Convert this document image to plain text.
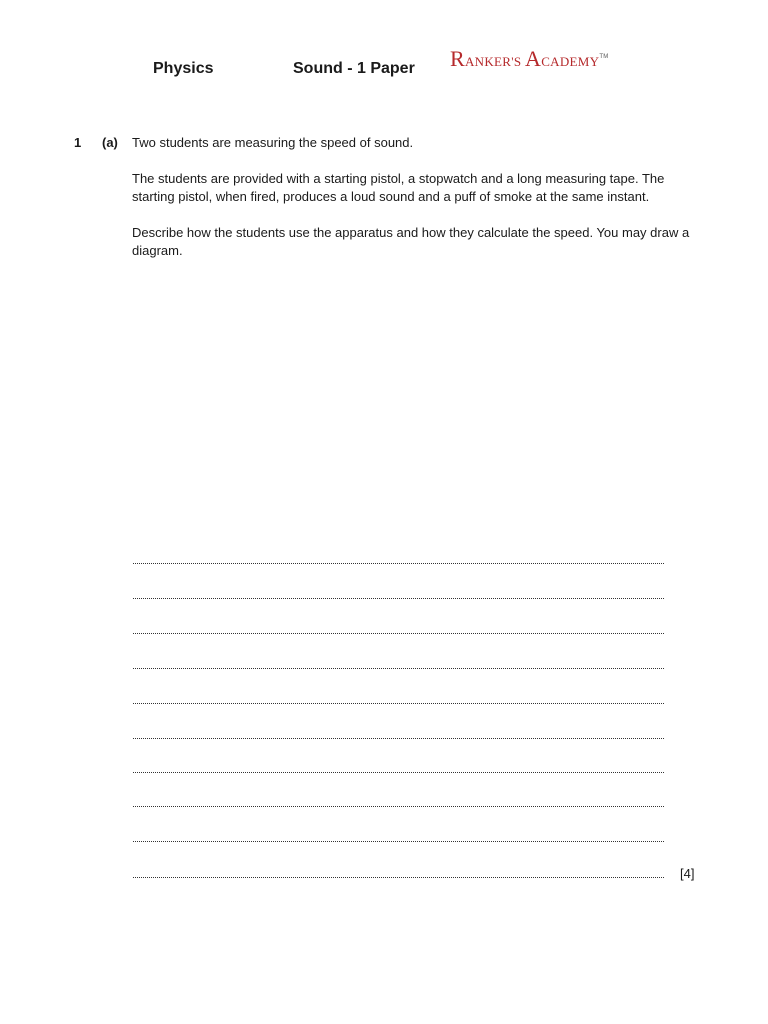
Physics	Sound - 1 Paper RANKER'S ACADEMY™
1 (a) Two students are measuring the speed of sound.

The students are provided with a starting pistol, a stopwatch and a long measuring tape. The starting pistol, when fired, produces a loud sound and a puff of smoke at the same instant.

Describe how the students use the apparatus and how they calculate the speed. You may draw a diagram.

[4]
